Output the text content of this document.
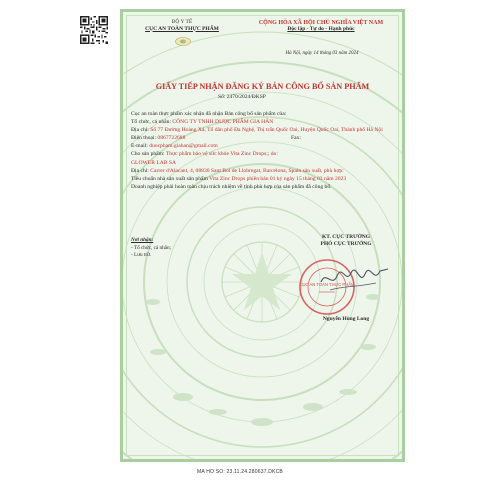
BỘ Y TẾ
CỤC AN TOÀN THỰC PHẨM
CỘNG HÒA XÃ HỘI CHỦ NGHĨA VIỆT NAM
Độc lập - Tự do - Hạnh phúc
Hà Nội, ngày 14 tháng 03 năm 2024
GIẤY TIẾP NHẬN ĐĂNG KÝ BẢN CÔNG BỐ SẢN PHẨM
Số: 2470/2024/ĐKSP
Cục an toàn thực phẩm xác nhận đã nhận Bản công bố sản phẩm của:
Tổ chức, cá nhân: CÔNG TY TNHH DƯỢC PHẨM GIA HÂN
Địa chỉ: Số 77 Đường Hoàng Xá, Tổ dân phố Đa Nghệ, Thị trấn Quốc Oai, Huyện Quốc Oai, Thành phố Hà Nội
Điện thoại: 0867722688	Fax:
E-mail: duocpham.giahan@gmail.com
Cho sản phẩm: Thực phẩm bảo vệ sức khỏe Vita Zinc Drops;; do:
GLOWER LAB SA
Địa chỉ: Carrer d'Alacant, 4, 08830 Sant Boi de Llobregat, Barcelona, Spain sản xuất, phù hợp:
Tiêu chuẩn nhà sản xuất sản phẩm Vita Zinc Drops phiên bản 01 ký ngày 15 tháng 03 năm 2023
Doanh nghiệp phải hoàn toàn chịu trách nhiệm về tính phù hợp của sản phẩm đã công bố.
Nơi nhận:
- Tổ chức, cá nhân;
- Lưu trữ.
KT. CỤC TRƯỞNG
PHÓ CỤC TRƯỞNG
CỤC AN TOÀN THỰC PHẨM
Nguyễn Hùng Long
MA HO SO: 23.11.24.280637.DKCB
